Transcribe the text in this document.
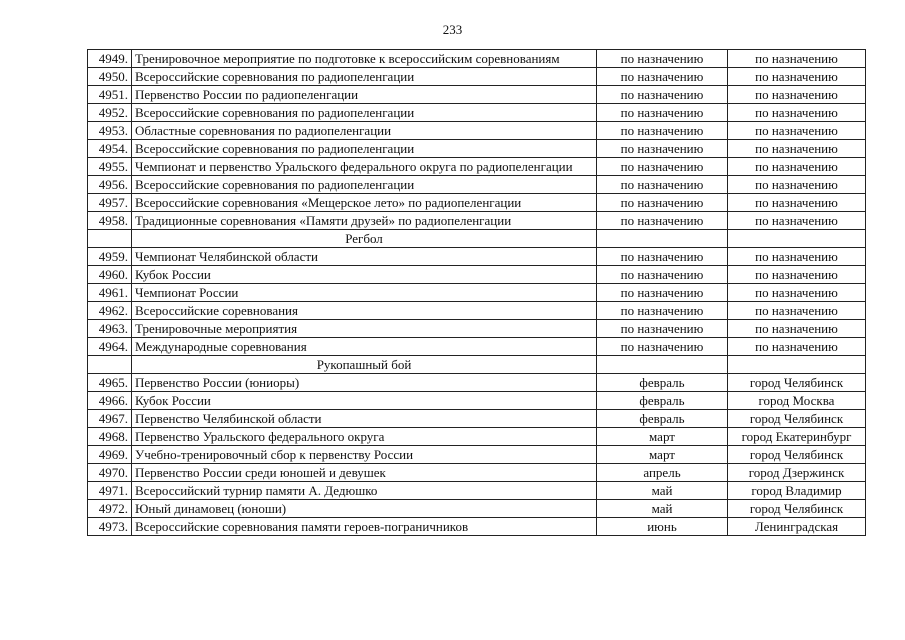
233
4949.	Тренировочное мероприятие по подготовке к всероссийским соревнованиям	по назначению	по назначению
4950.	Всероссийские соревнования по радиопеленгации	по назначению	по назначению
4951.	Первенство России по радиопеленгации	по назначению	по назначению
4952.	Всероссийские соревнования по радиопеленгации	по назначению	по назначению
4953.	Областные соревнования по радиопеленгации	по назначению	по назначению
4954.	Всероссийские соревнования по радиопеленгации	по назначению	по назначению
4955.	Чемпионат и первенство Уральского федерального округа по радиопеленгации	по назначению	по назначению
4956.	Всероссийские соревнования по радиопеленгации	по назначению	по назначению
4957.	Всероссийские соревнования «Мещерское лето» по радиопеленгации	по назначению	по назначению
4958.	Традиционные соревнования «Памяти друзей» по радиопеленгации	по назначению	по назначению
	Регбол		
4959.	Чемпионат Челябинской области	по назначению	по назначению
4960.	Кубок России	по назначению	по назначению
4961.	Чемпионат России	по назначению	по назначению
4962.	Всероссийские соревнования	по назначению	по назначению
4963.	Тренировочные мероприятия	по назначению	по назначению
4964.	Международные соревнования	по назначению	по назначению
	Рукопашный бой		
4965.	Первенство России (юниоры)	февраль	город Челябинск
4966.	Кубок России	февраль	город Москва
4967.	Первенство Челябинской области	февраль	город Челябинск
4968.	Первенство Уральского федерального округа	март	город Екатеринбург
4969.	Учебно-тренировочный сбор к первенству России	март	город Челябинск
4970.	Первенство России среди юношей и девушек	апрель	город Дзержинск
4971.	Всероссийский турнир памяти А. Дедюшко	май	город Владимир
4972.	Юный динамовец (юноши)	май	город Челябинск
4973.	Всероссийские соревнования памяти героев-пограничников	июнь	Ленинградская
